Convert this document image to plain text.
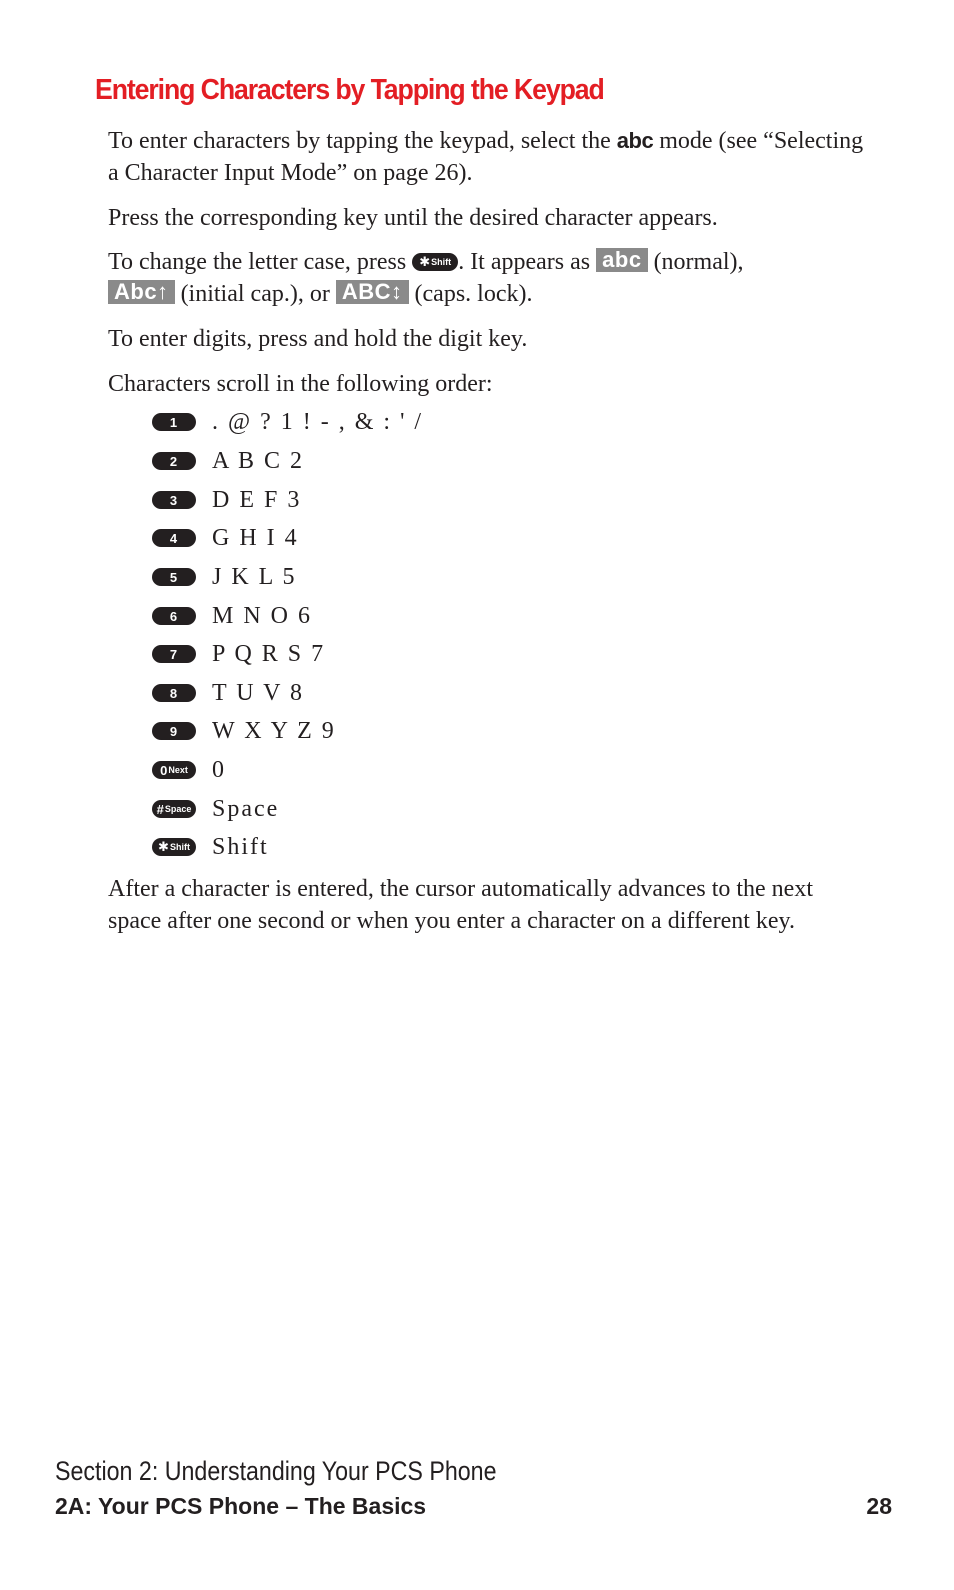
Entering Characters by Tapping the Keypad

To enter characters by tapping the keypad, select the abc mode (see “Selecting a Character Input Mode” on page 26).

Press the corresponding key until the desired character appears.

To change the letter case, press ✱ Shift . It appears as abc (normal),
Abc↑ (initial cap.), or ABC↕ (caps. lock).

To enter digits, press and hold the digit key.

Characters scroll in the following order:

1 . @ ? 1 ! - , & : ' /
2 A B C 2
3 D E F 3
4 G H I 4
5 J K L 5
6 M N O 6
7 P Q R S 7
8 T U V 8
9 W X Y Z 9
0 Next 0
# Space Space
✱ Shift Shift

After a character is entered, the cursor automatically advances to the next space after one second or when you enter a character on a different key.

Section 2: Understanding Your PCS Phone
2A: Your PCS Phone – The Basics	28
